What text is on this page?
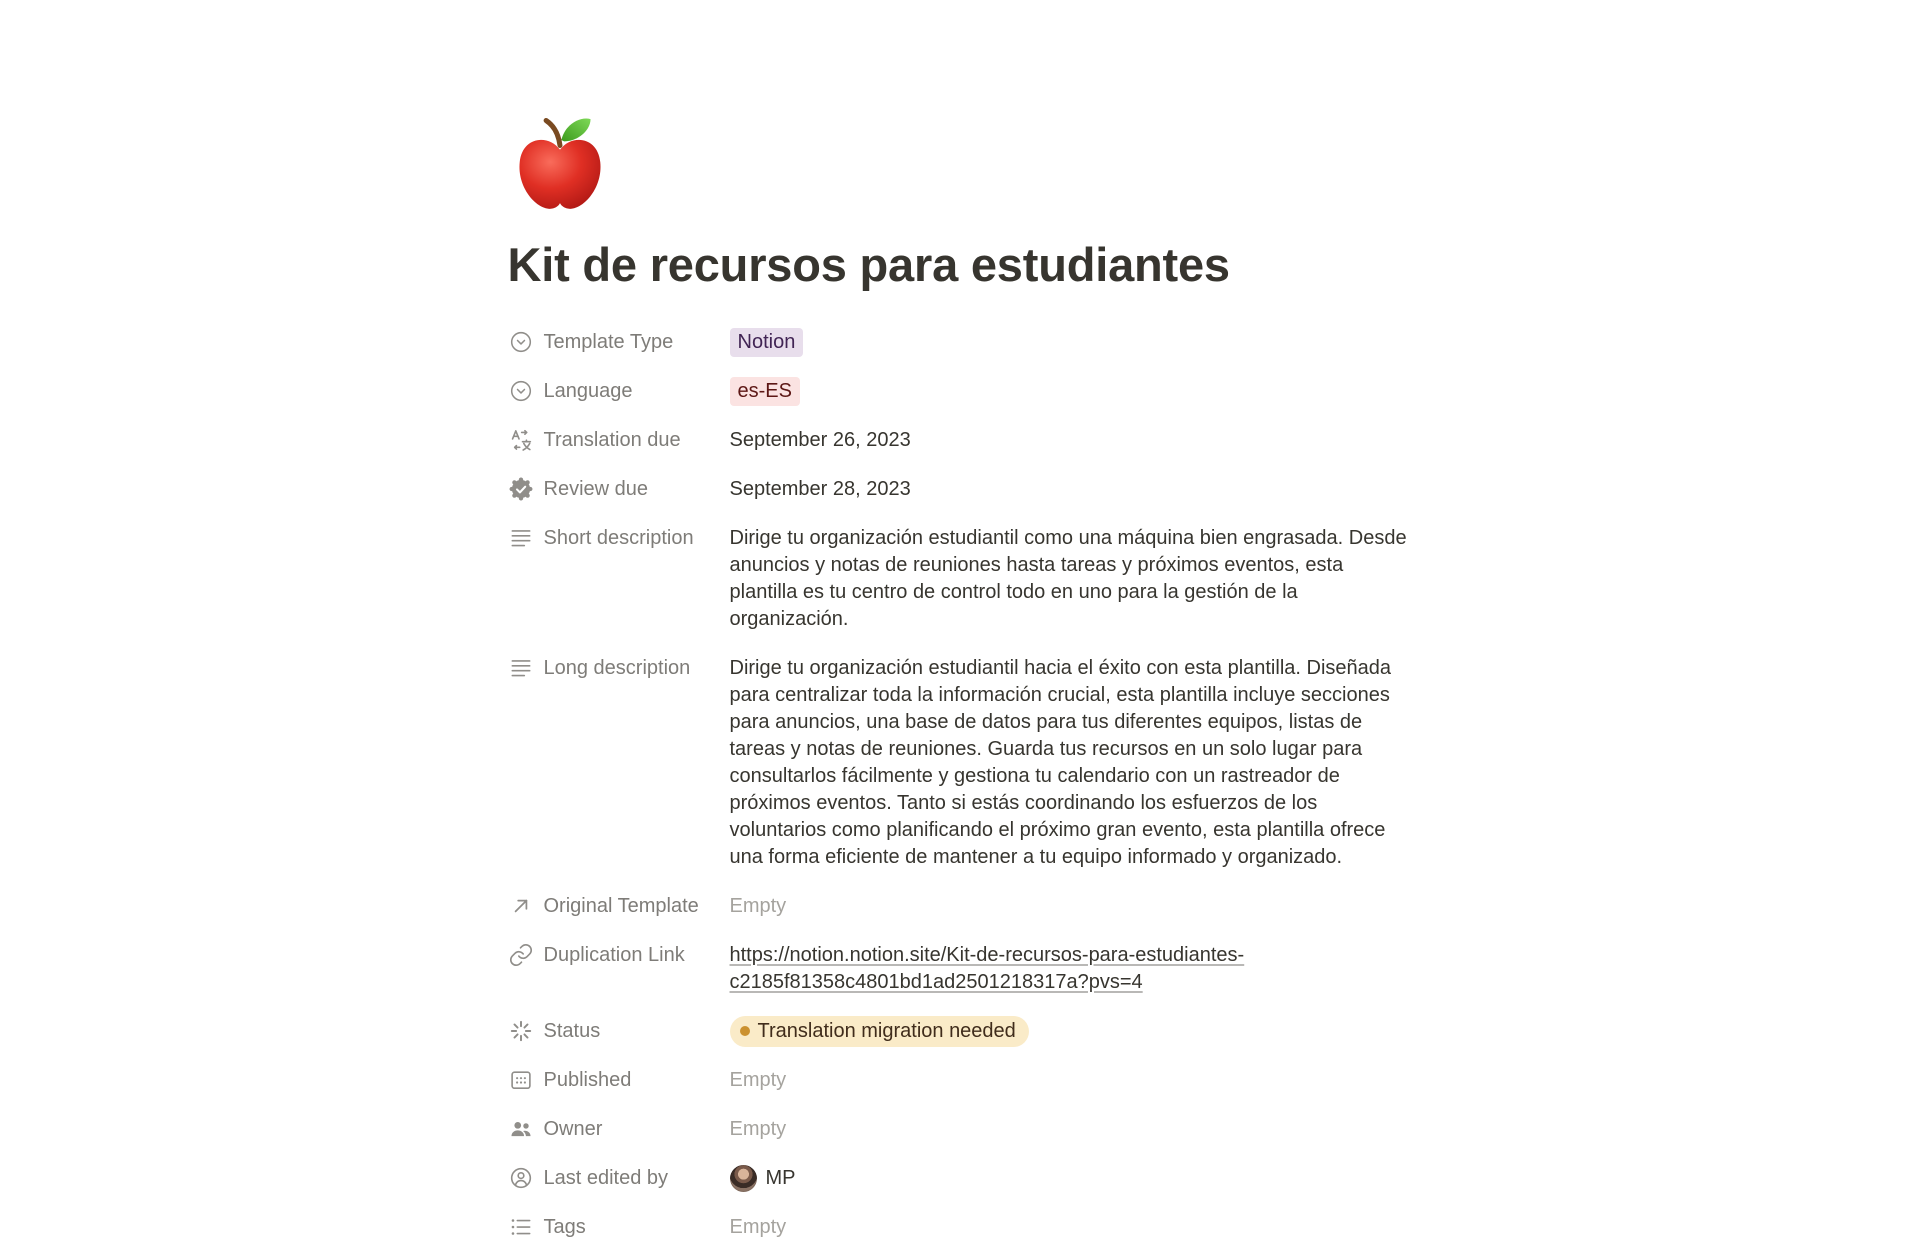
Kit de recursos para estudiantes
Template Type	Notion
Language	es-ES
Translation due September 26, 2023
Review due	September 28, 2023
Short description Dirige tu organización estudiantil como una máquina bien engrasada. Desde anuncios y notas de reuniones hasta tareas y próximos eventos, esta plantilla es tu centro de control todo en uno para la gestión de la organización.
Long description Dirige tu organización estudiantil hacia el éxito con esta plantilla. Diseñada para centralizar toda la información crucial, esta plantilla incluye secciones para anuncios, una base de datos para tus diferentes equipos, listas de tareas y notas de reuniones. Guarda tus recursos en un solo lugar para consultarlos fácilmente y gestiona tu calendario con un rastreador de próximos eventos. Tanto si estás coordinando los esfuerzos de los voluntarios como planificando el próximo gran evento, esta plantilla ofrece una forma eficiente de mantener a tu equipo informado y organizado.
Original Template Empty
Duplication Link https://notion.notion.site/Kit-de-recursos-para-estudiantes-c2185f81358c4801bd1ad2501218317a?pvs=4
Status	Translation migration needed
Published	Empty
Owner	Empty
Last edited by	MP
Tags	Empty
